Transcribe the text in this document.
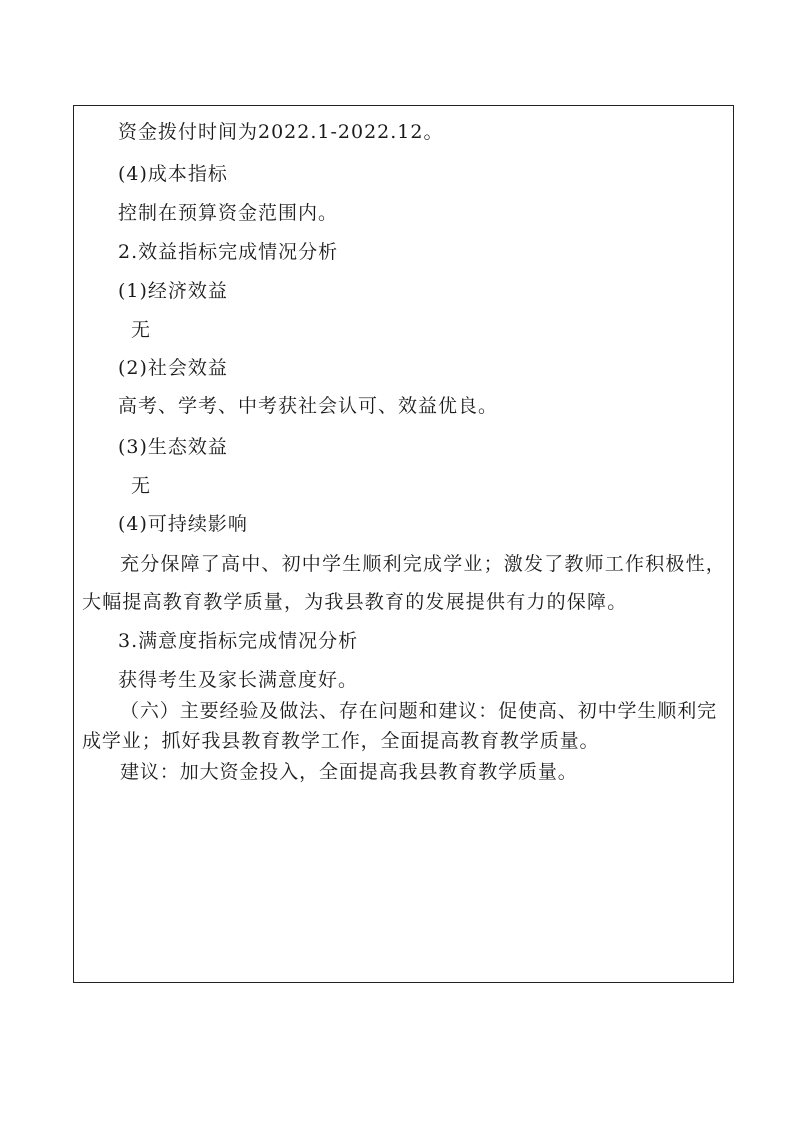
资金拨付时间为2022.1-2022.12。
(4)成本指标
控制在预算资金范围内。
2.效益指标完成情况分析
(1)经济效益
无
(2)社会效益
高考、学考、中考获社会认可、效益优良。
(3)生态效益
无
(4)可持续影响
充分保障了高中、初中学生顺利完成学业；激发了教师工作积极性，大幅提高教育教学质量，为我县教育的发展提供有力的保障。
3.满意度指标完成情况分析
获得考生及家长满意度好。
（六）主要经验及做法、存在问题和建议：促使高、初中学生顺利完成学业；抓好我县教育教学工作，全面提高教育教学质量。
建议：加大资金投入，全面提高我县教育教学质量。
